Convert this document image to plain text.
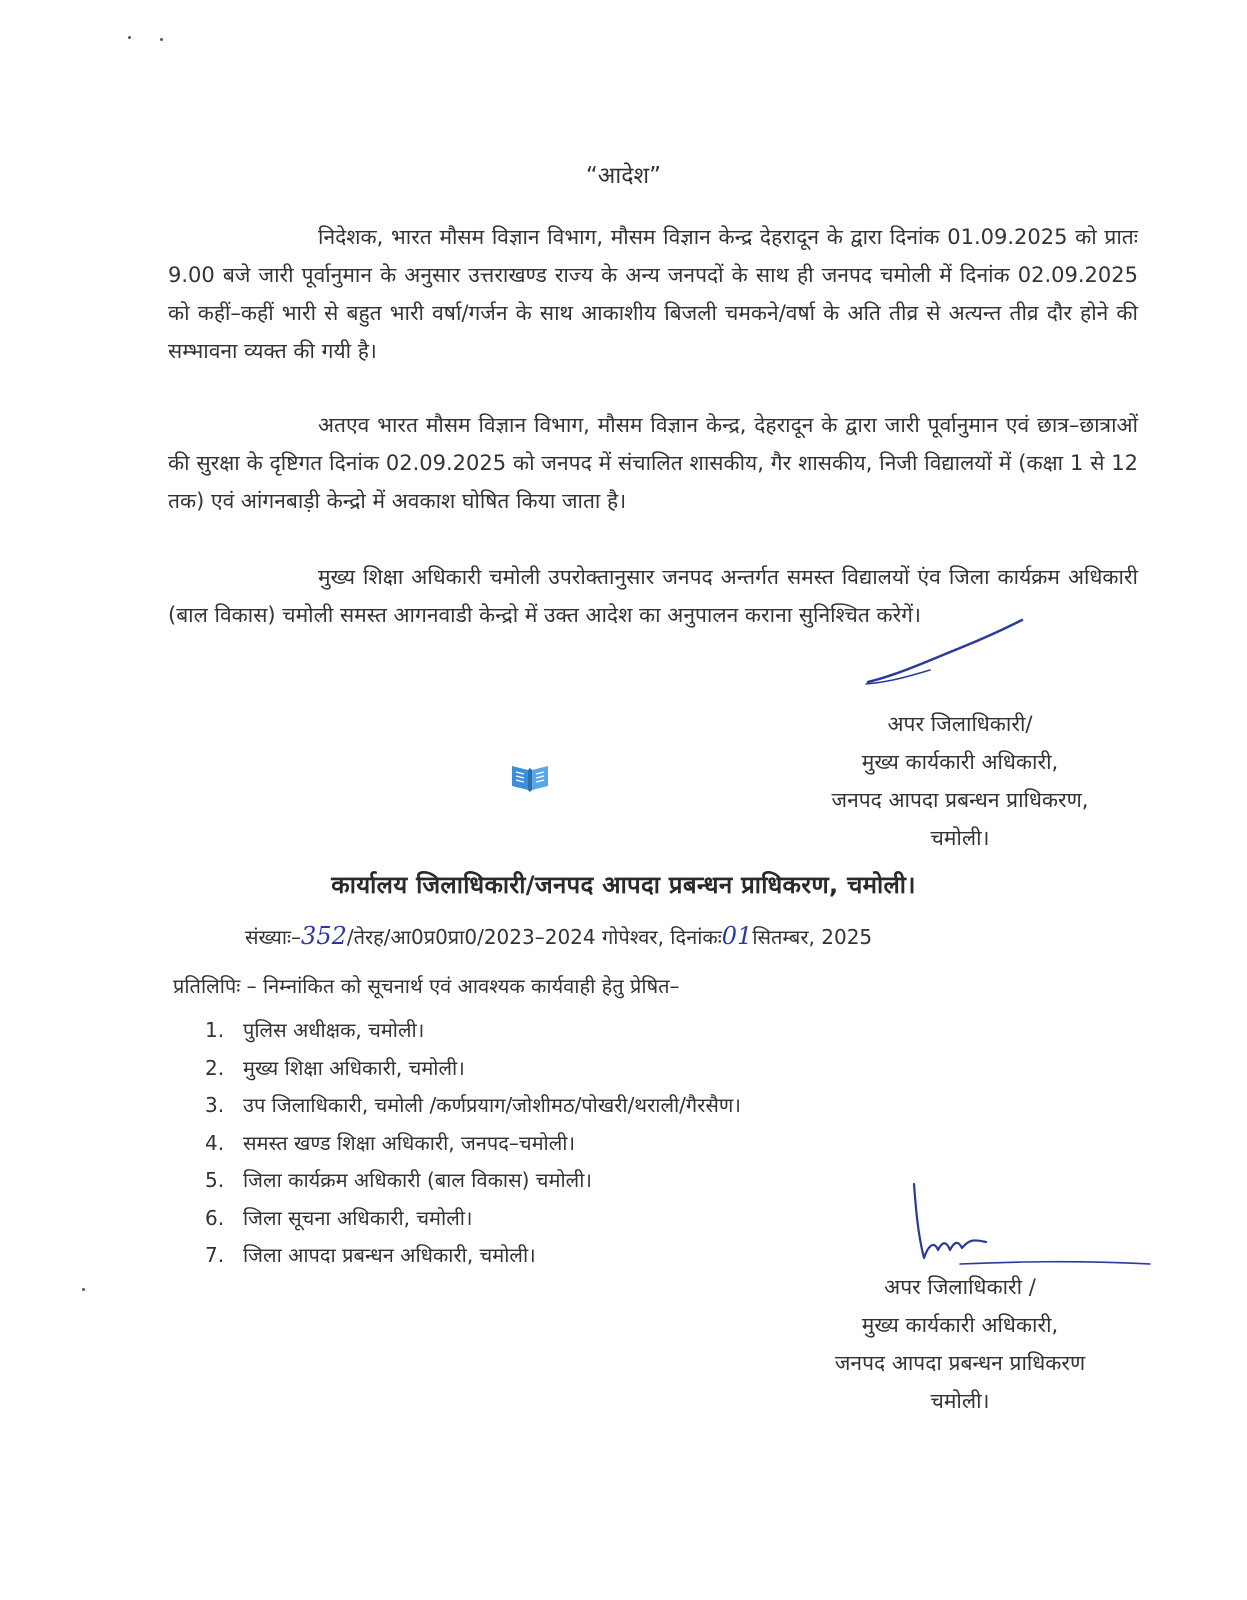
“आदेश”

निदेशक, भारत मौसम विज्ञान विभाग, मौसम विज्ञान केन्द्र देहरादून के द्वारा दिनांक 01.09.2025 को प्रातः 9.00 बजे जारी पूर्वानुमान के अनुसार उत्तराखण्ड राज्य के अन्य जनपदों के साथ ही जनपद चमोली में दिनांक 02.09.2025 को कहीं–कहीं भारी से बहुत भारी वर्षा/गर्जन के साथ आकाशीय बिजली चमकने/वर्षा के अति तीव्र से अत्यन्त तीव्र दौर होने की सम्भावना व्यक्त की गयी है।

अतएव भारत मौसम विज्ञान विभाग, मौसम विज्ञान केन्द्र, देहरादून के द्वारा जारी पूर्वानुमान एवं छात्र–छात्राओं की सुरक्षा के दृष्टिगत दिनांक 02.09.2025 को जनपद में संचालित शासकीय, गैर शासकीय, निजी विद्यालयों में (कक्षा 1 से 12 तक) एवं आंगनबाड़ी केन्द्रो में अवकाश घोषित किया जाता है।

मुख्य शिक्षा अधिकारी चमोली उपरोक्तानुसार जनपद अन्तर्गत समस्त विद्यालयों एंव जिला कार्यक्रम अधिकारी (बाल विकास) चमोली समस्त आगनवाडी केन्द्रो में उक्त आदेश का अनुपालन कराना सुनिश्चित करेगें।

अपर जिलाधिकारी/
मुख्य कार्यकारी अधिकारी,
जनपद आपदा प्रबन्धन प्राधिकरण,
चमोली।
कार्यालय जिलाधिकारी/जनपद आपदा प्रबन्धन प्राधिकरण, चमोली।
संख्याः–352/तेरह/आ0प्र0प्रा0/2023–2024 गोपेश्वर, दिनांकः01सितम्बर, 2025
प्रतिलिपिः – निम्नांकित को सूचनार्थ एवं आवश्यक कार्यवाही हेतु प्रेषित–
1. पुलिस अधीक्षक, चमोली।
2. मुख्य शिक्षा अधिकारी, चमोली।
3. उप जिलाधिकारी, चमोली /कर्णप्रयाग/जोशीमठ/पोखरी/थराली/गैरसैण।
4. समस्त खण्ड शिक्षा अधिकारी, जनपद–चमोली।
5. जिला कार्यक्रम अधिकारी (बाल विकास) चमोली।
6. जिला सूचना अधिकारी, चमोली।
7. जिला आपदा प्रबन्धन अधिकारी, चमोली।
अपर जिलाधिकारी /
मुख्य कार्यकारी अधिकारी,
जनपद आपदा प्रबन्धन प्राधिकरण
चमोली।
